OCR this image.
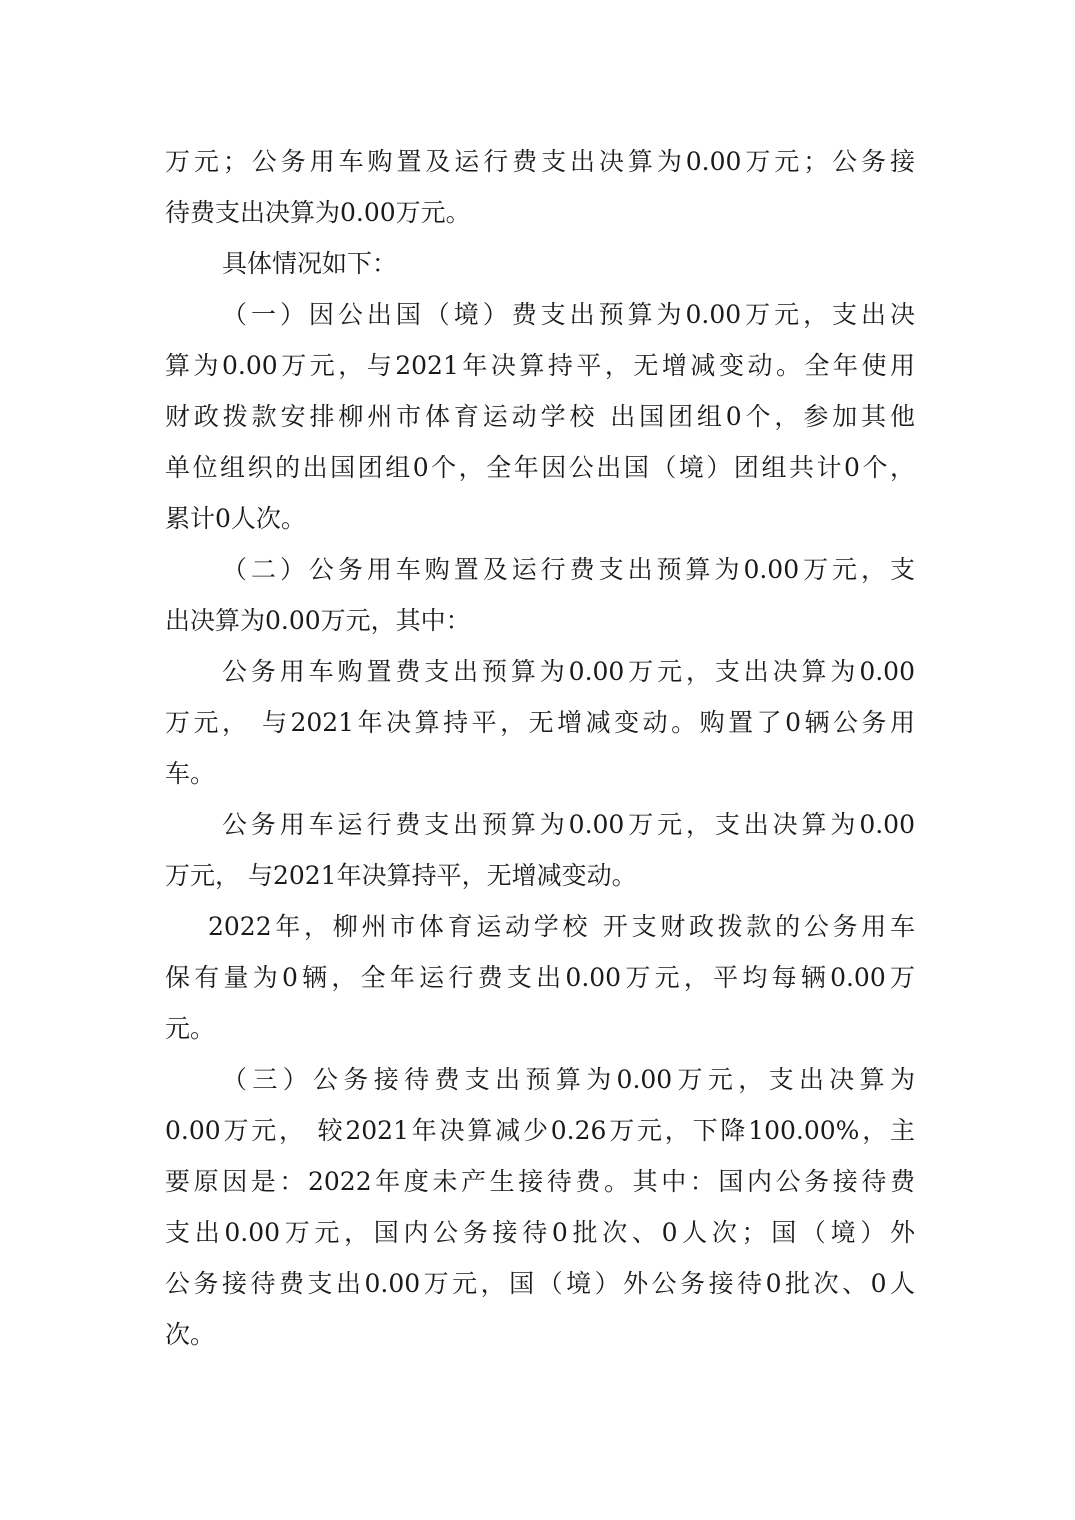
万元；公务用车购置及运行费支出决算为0.00万元；公务接
待费支出决算为0.00万元。
具体情况如下：
（一）因公出国（境）费支出预算为0.00万元，支出决
算为0.00万元，与2021年决算持平，无增减变动。全年使用
财政拨款安排柳州市体育运动学校 出国团组0个，参加其他
单位组织的出国团组0个，全年因公出国（境）团组共计0个，
累计0人次。
（二）公务用车购置及运行费支出预算为0.00万元，支
出决算为0.00万元，其中：
公务用车购置费支出预算为0.00万元，支出决算为0.00
万元， 与2021年决算持平，无增减变动。购置了0辆公务用
车。
公务用车运行费支出预算为0.00万元，支出决算为0.00
万元， 与2021年决算持平，无增减变动。
2022年，柳州市体育运动学校 开支财政拨款的公务用车
保有量为0辆，全年运行费支出0.00万元，平均每辆0.00万
元。
（三）公务接待费支出预算为0.00万元，支出决算为
0.00万元， 较2021年决算减少0.26万元，下降100.00%，主
要原因是：2022年度未产生接待费。其中：国内公务接待费
支出0.00万元，国内公务接待0批次、0人次；国（境）外
公务接待费支出0.00万元，国（境）外公务接待0批次、0人
次。
